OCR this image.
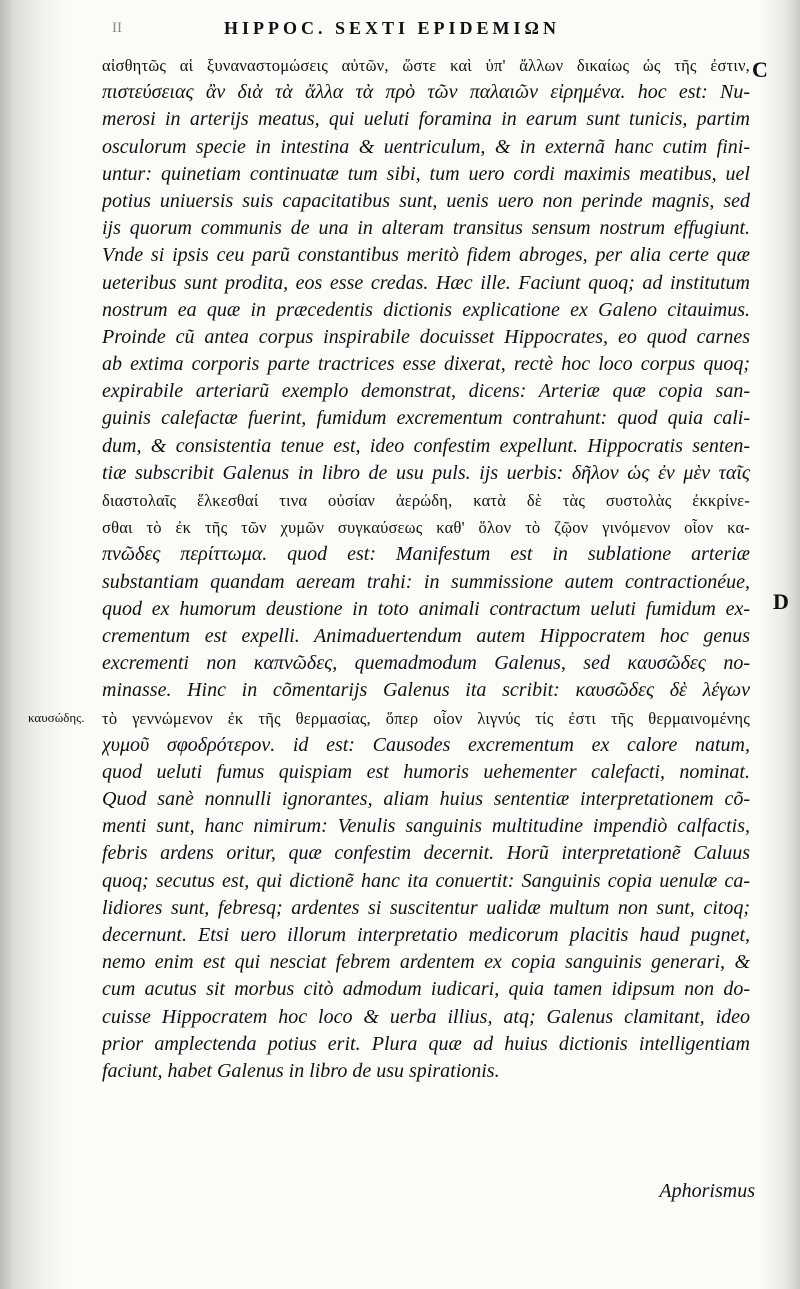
II	HIPPOC. SEXTI EPIDEMIΩN
C
D
καυσώδης.
αἰσθητῶς αἱ ξυναναστομώσεις αὐτῶν, ὥστε καὶ ὑπ' ἄλλων δικαίως ὡς τῆς ἐστιν,
πιστεύσειας ἂν διὰ τὰ ἄλλα τὰ πρὸ τῶν παλαιῶν εἰρημένα. hoc est: Nu-
merosi in arterijs meatus, qui ueluti foramina in earum sunt tunicis, partim
osculorum specie in intestina & uentriculum, & in externã hanc cutim fini-
untur: quinetiam continuatæ tum sibi, tum uero cordi maximis meatibus, uel
potius uniuersis suis capacitatibus sunt, uenis uero non perinde magnis, sed
ijs quorum communis de una in alteram transitus sensum nostrum effugiunt.
Vnde si ipsis ceu parũ constantibus meritò fidem abroges, per alia certe quæ
ueteribus sunt prodita, eos esse credas. Hæc ille. Faciunt quoq; ad institutum
nostrum ea quæ in præcedentis dictionis explicatione ex Galeno citauimus.
Proinde cũ antea corpus inspirabile docuisset Hippocrates, eo quod carnes
ab extima corporis parte tractrices esse dixerat, rectè hoc loco corpus quoq;
expirabile arteriarũ exemplo demonstrat, dicens: Arteriæ quæ copia san-
guinis calefactæ fuerint, fumidum excrementum contrahunt: quod quia cali-
dum, & consistentia tenue est, ideo confestim expellunt. Hippocratis senten-
tiæ subscribit Galenus in libro de usu puls. ijs uerbis: δῆλον ὡς ἐν μὲν ταῖς
διαστολαῖς ἕλκεσθαί τινα οὐσίαν ἀερώδη, κατὰ δὲ τὰς συστολὰς ἐκκρίνε-
σθαι τὸ ἐκ τῆς τῶν χυμῶν συγκαύσεως καθ' ὅλον τὸ ζῷον γινόμενον οἷον κα-
πνῶδες περίττωμα. quod est: Manifestum est in sublatione arteriæ
substantiam quandam aeream trahi: in summissione autem contractionéue,
quod ex humorum deustione in toto animali contractum ueluti fumidum ex-
crementum est expelli. Animaduertendum autem Hippocratem hoc genus
excrementi non καπνῶδες, quemadmodum Galenus, sed καυσῶδες no-
minasse. Hinc in cõmentarijs Galenus ita scribit: καυσῶδες δὲ λέγων
τὸ γεννώμενον ἐκ τῆς θερμασίας, ὅπερ οἷον λιγνύς τίς ἐστι τῆς θερμαινομένης
χυμοῦ σφοδρότερον. id est: Causodes excrementum ex calore natum,
quod ueluti fumus quispiam est humoris uehementer calefacti, nominat.
Quod sanè nonnulli ignorantes, aliam huius sententiæ interpretationem cõ-
menti sunt, hanc nimirum: Venulis sanguinis multitudine impendiò calfactis,
febris ardens oritur, quæ confestim decernit. Horũ interpretationẽ Caluus
quoq; secutus est, qui dictionẽ hanc ita conuertit: Sanguinis copia uenulæ ca-
lidiores sunt, febresq; ardentes si suscitentur ualidæ multum non sunt, citoq;
decernunt. Etsi uero illorum interpretatio medicorum placitis haud pugnet,
nemo enim est qui nesciat febrem ardentem ex copia sanguinis generari, &
cum acutus sit morbus citò admodum iudicari, quia tamen idipsum non do-
cuisse Hippocratem hoc loco & uerba illius, atq; Galenus clamitant, ideo
prior amplectenda potius erit. Plura quæ ad huius dictionis intelligentiam
faciunt, habet Galenus in libro de usu spirationis.
Aphorismus
